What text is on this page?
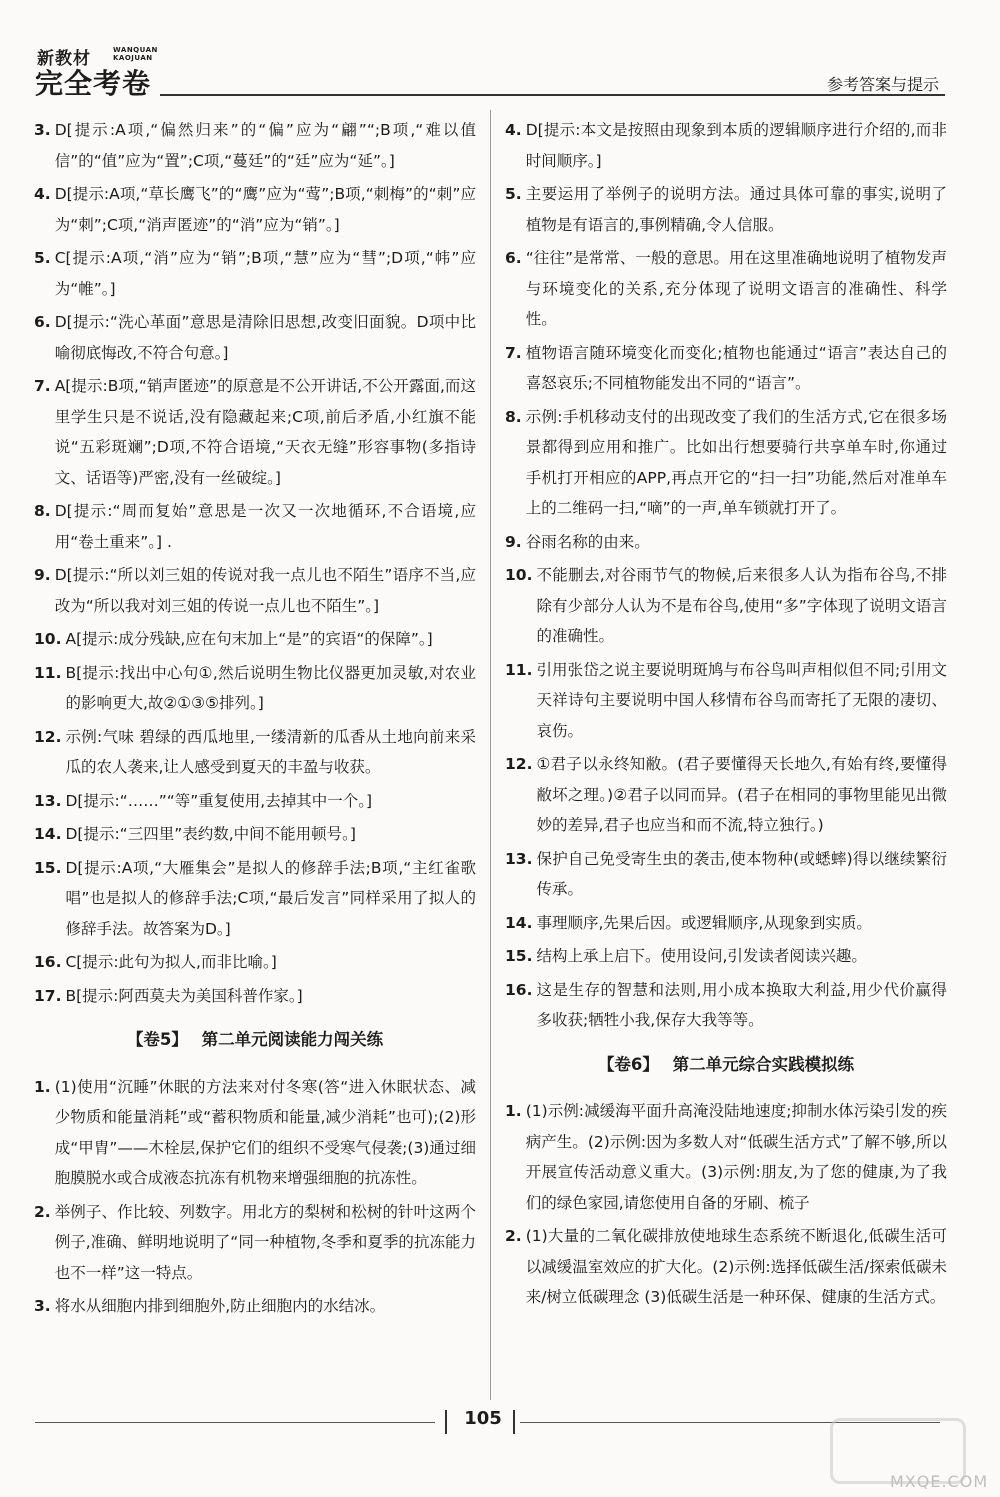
新教材	WANQUAN
KAOJUAN
完全考卷	参考答案与提示
3. D[提示:A项,“偏然归来”的“偏”应为“翩”“;B项,“难以值信”的“值”应为“置”;C项,“蔓廷”的“廷”应为“延”。]
4. D[提示:A项,“草长鹰飞”的“鹰”应为“莺”;B项,“刺梅”的“刺”应为“刺”;C项,“消声匿迹”的“消”应为“销”。]
5. C[提示:A项,“消”应为“销”;B项,“慧”应为“彗”;D项,“帏”应为“帷”。]
6. D[提示:“洗心革面”意思是清除旧思想,改变旧面貌。D项中比喻彻底悔改,不符合句意。]
7. A[提示:B项,“销声匿迹”的原意是不公开讲话,不公开露面,而这里学生只是不说话,没有隐藏起来;C项,前后矛盾,小红旗不能说“五彩斑斓”;D项,不符合语境,“天衣无缝”形容事物(多指诗文、话语等)严密,没有一丝破绽。]
8. D[提示:“周而复始”意思是一次又一次地循环,不合语境,应用“卷土重来”。] .
9. D[提示:“所以刘三姐的传说对我一点儿也不陌生”语序不当,应改为“所以我对刘三姐的传说一点儿也不陌生”。]
10. A[提示:成分残缺,应在句末加上“是”的宾语“的保障”。]
11. B[提示:找出中心句①,然后说明生物比仪器更加灵敏,对农业的影响更大,故②①③⑤排列。]
12. 示例:气味 碧绿的西瓜地里,一缕清新的瓜香从土地向前来采瓜的农人袭来,让人感受到夏天的丰盈与收获。
13. D[提示:“……”“等”重复使用,去掉其中一个。]
14. D[提示:“三四里”表约数,中间不能用顿号。]
15. D[提示:A项,“大雁集会”是拟人的修辞手法;B项,“主红雀歌唱”也是拟人的修辞手法;C项,“最后发言”同样采用了拟人的修辞手法。故答案为D。]
16. C[提示:此句为拟人,而非比喻。]
17. B[提示:阿西莫夫为美国科普作家。]
【卷5】 第二单元阅读能力闯关练
1. (1)使用“沉睡”休眠的方法来对付冬寒(答“进入休眠状态、减少物质和能量消耗”或“蓄积物质和能量,减少消耗”也可);(2)形成“甲胄”——木栓层,保护它们的组织不受寒气侵袭;(3)通过细胞膜脱水或合成液态抗冻有机物来增强细胞的抗冻性。
2. 举例子、作比较、列数字。用北方的梨树和松树的针叶这两个例子,准确、鲜明地说明了“同一种植物,冬季和夏季的抗冻能力也不一样”这一特点。
3. 将水从细胞内排到细胞外,防止细胞内的水结冰。
4. D[提示:本文是按照由现象到本质的逻辑顺序进行介绍的,而非时间顺序。]
5. 主要运用了举例子的说明方法。通过具体可靠的事实,说明了植物是有语言的,事例精确,令人信服。
6. “往往”是常常、一般的意思。用在这里准确地说明了植物发声与环境变化的关系,充分体现了说明文语言的准确性、科学性。
7. 植物语言随环境变化而变化;植物也能通过“语言”表达自己的喜怒哀乐;不同植物能发出不同的“语言”。
8. 示例:手机移动支付的出现改变了我们的生活方式,它在很多场景都得到应用和推广。比如出行想要骑行共享单车时,你通过手机打开相应的APP,再点开它的“扫一扫”功能,然后对准单车上的二维码一扫,“嘀”的一声,单车锁就打开了。
9. 谷雨名称的由来。
10. 不能删去,对谷雨节气的物候,后来很多人认为指布谷鸟,不排除有少部分人认为不是布谷鸟,使用“多”字体现了说明文语言的准确性。
11. 引用张岱之说主要说明斑鸠与布谷鸟叫声相似但不同;引用文天祥诗句主要说明中国人移情布谷鸟而寄托了无限的凄切、哀伤。
12. ①君子以永终知敝。(君子要懂得天长地久,有始有终,要懂得敝坏之理。)②君子以同而异。(君子在相同的事物里能见出微妙的差异,君子也应当和而不流,特立独行。)
13. 保护自己免受寄生虫的袭击,使本物种(或蟋蟀)得以继续繁衍传承。
14. 事理顺序,先果后因。或逻辑顺序,从现象到实质。
15. 结构上承上启下。使用设问,引发读者阅读兴趣。
16. 这是生存的智慧和法则,用小成本换取大利益,用少代价赢得多收获;牺牲小我,保存大我等等。
【卷6】 第二单元综合实践模拟练
1. (1)示例:减缓海平面升高淹没陆地速度;抑制水体污染引发的疾病产生。(2)示例:因为多数人对“低碳生活方式”了解不够,所以开展宣传活动意义重大。(3)示例:朋友,为了您的健康,为了我们的绿色家园,请您使用自备的牙刷、梳子
2. (1)大量的二氧化碳排放使地球生态系统不断退化,低碳生活可以减缓温室效应的扩大化。(2)示例:选择低碳生活/探索低碳未来/树立低碳理念 (3)低碳生活是一种环保、健康的生活方式。
105
MXQE.COM
